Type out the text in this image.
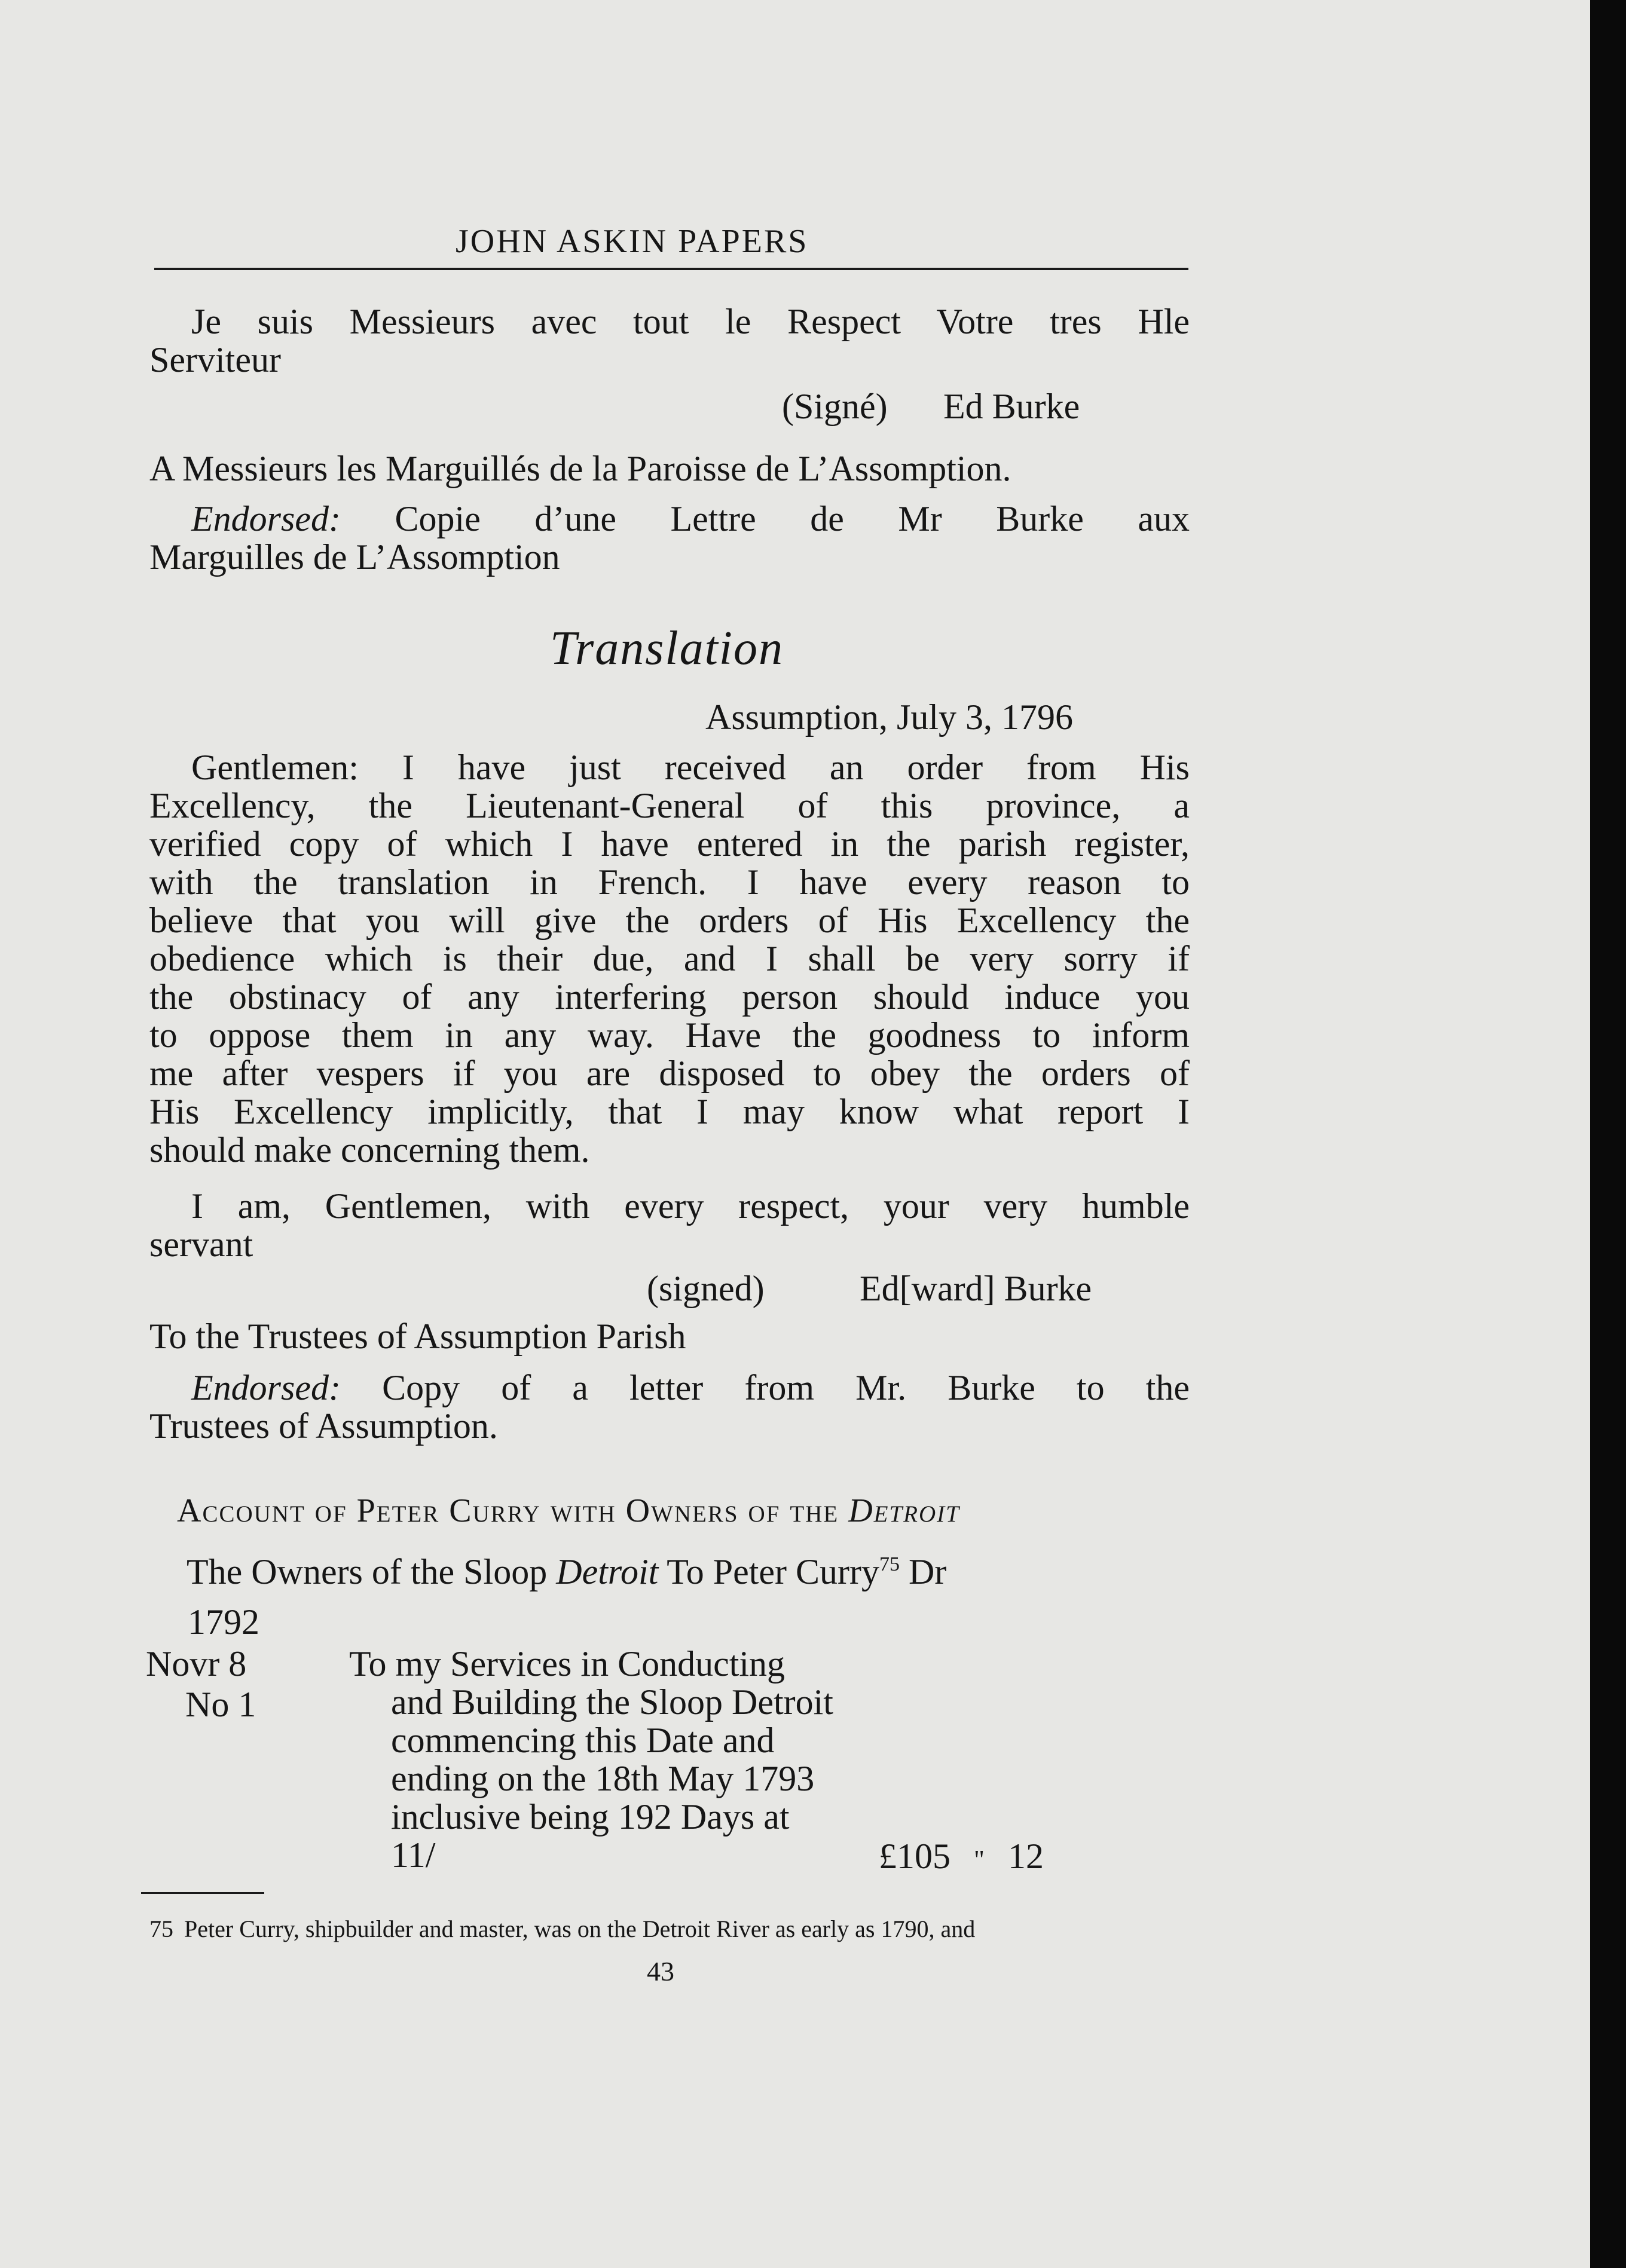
JOHN ASKIN PAPERS
Je suis Messieurs avec tout le Respect Votre tres Hle
Serviteur
(Signé) Ed Burke
A Messieurs les Marguillés de la Paroisse de L’Assomption.
Endorsed: Copie d’une Lettre de Mr Burke aux
Marguilles de L’Assomption
Translation
Assumption, July 3, 1796
Gentlemen: I have just received an order from His
Excellency, the Lieutenant-General of this province, a
verified copy of which I have entered in the parish register,
with the translation in French. I have every reason to
believe that you will give the orders of His Excellency the
obedience which is their due, and I shall be very sorry if
the obstinacy of any interfering person should induce you
to oppose them in any way. Have the goodness to inform
me after vespers if you are disposed to obey the orders of
His Excellency implicitly, that I may know what report I
should make concerning them.
I am, Gentlemen, with every respect, your very humble
servant
(signed)	Ed[ward] Burke
To the Trustees of Assumption Parish
Endorsed: Copy of a letter from Mr. Burke to the
Trustees of Assumption.
Account of Peter Curry with Owners of the Detroit
The Owners of the Sloop Detroit To Peter Curry$^{75}$ Dr
1792
Novr 8
No 1
To my Services in Conducting
and Building the Sloop Detroit
commencing this Date and
ending on the 18th May 1793
inclusive being 192 Days at
11/	£105 " 12
75 Peter Curry, shipbuilder and master, was on the Detroit River as early as 1790, and
43
